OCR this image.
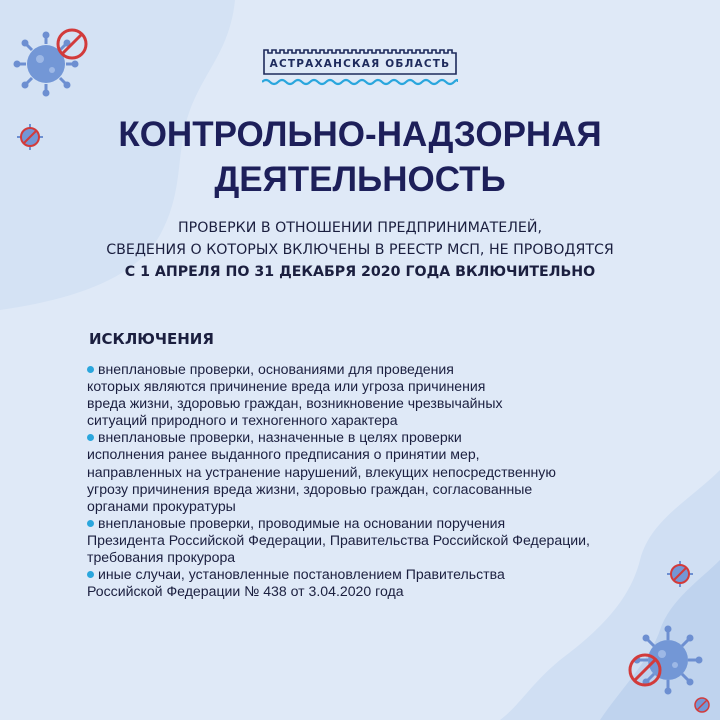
АСТРАХАНСКАЯ ОБЛАСТЬ
КОНТРОЛЬНО-НАДЗОРНАЯ
ДЕЯТЕЛЬНОСТЬ
ПРОВЕРКИ В ОТНОШЕНИИ ПРЕДПРИНИМАТЕЛЕЙ,
СВЕДЕНИЯ О КОТОРЫХ ВКЛЮЧЕНЫ В РЕЕСТР МСП, НЕ ПРОВОДЯТСЯ
С 1 АПРЕЛЯ ПО 31 ДЕКАБРЯ 2020 ГОДА ВКЛЮЧИТЕЛЬНО
ИСКЛЮЧЕНИЯ
внеплановые проверки, основаниями для проведения
которых являются причинение вреда или угроза причинения
вреда жизни, здоровью граждан, возникновение чрезвычайных
ситуаций природного и техногенного характера
внеплановые проверки, назначенные в целях проверки
исполнения ранее выданного предписания о принятии мер,
направленных на устранение нарушений, влекущих непосредственную
угрозу причинения вреда жизни, здоровью граждан, согласованные
органами прокуратуры
внеплановые проверки, проводимые на основании поручения
Президента Российской Федерации, Правительства Российской Федерации,
требования прокурора
иные случаи, установленные постановлением Правительства
Российской Федерации № 438 от 3.04.2020 года
